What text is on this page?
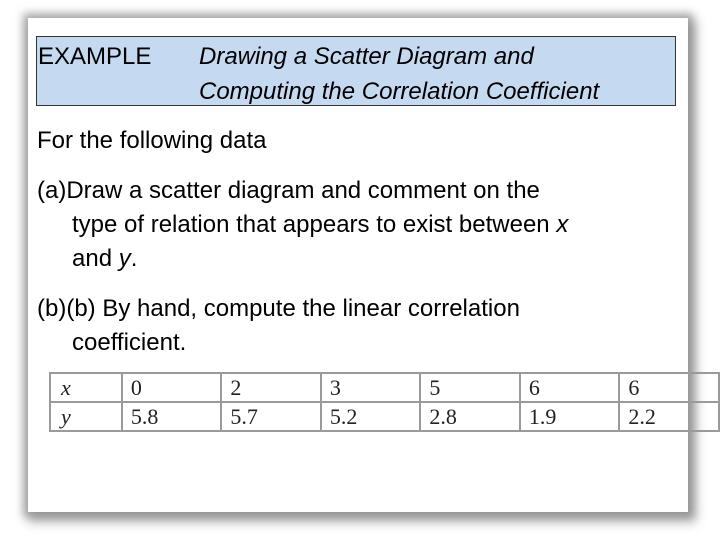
EXAMPLE Drawing a Scatter Diagram and
Computing the Correlation Coefficient
For the following data
(a)Draw a scatter diagram and comment on the
type of relation that appears to exist between x
and y.
(b)(b) By hand, compute the linear correlation
coefficient.
x	0	2	3	5	6	6
y	5.8	5.7	5.2	2.8	1.9	2.2
